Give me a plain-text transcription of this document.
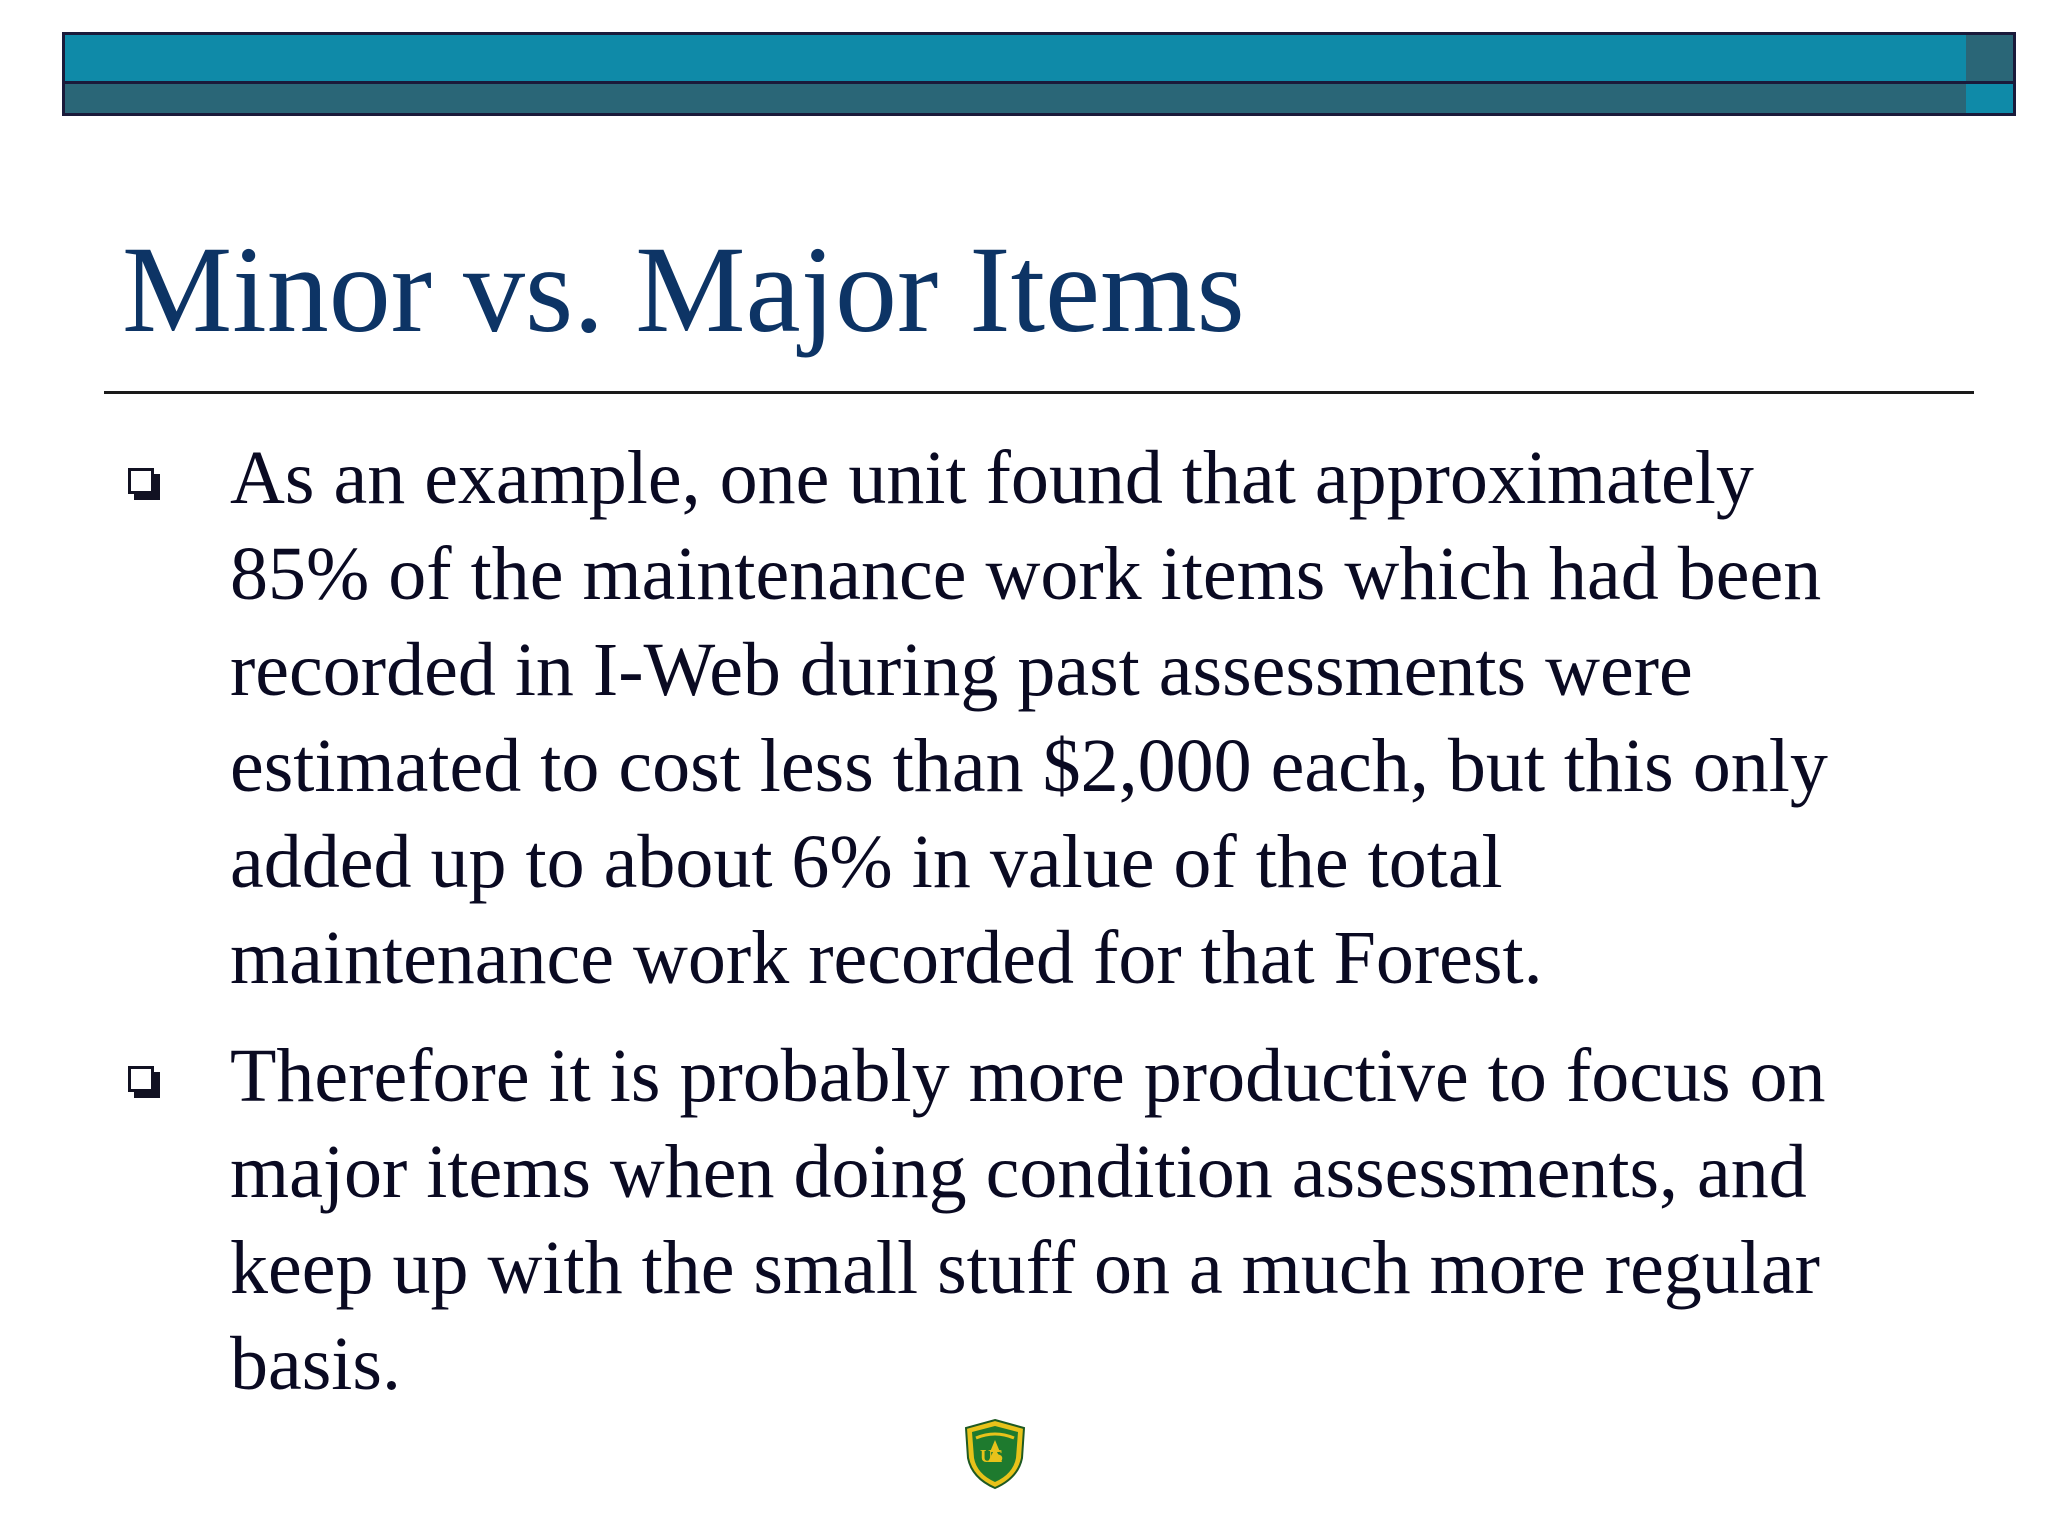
Minor vs. Major Items
As an example, one unit found that approximately
85% of the maintenance work items which had been
recorded in I-Web during past assessments were
estimated to cost less than $2,000 each, but this only
added up to about 6% in value of the total
maintenance work recorded for that Forest.
Therefore it is probably more productive to focus on
major items when doing condition assessments, and
keep up with the small stuff on a much more regular
basis.
US
